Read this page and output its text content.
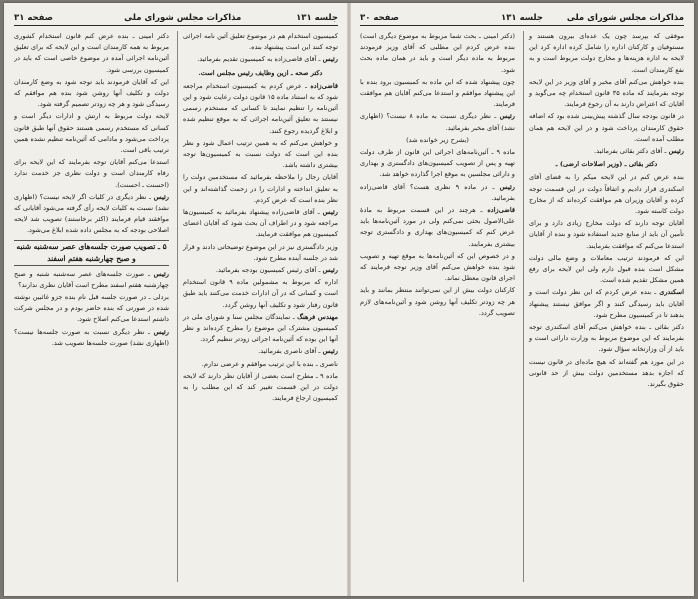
جلسه ۱۳۱
مذاکرات مجلس شورای ملی
صفحه ۳۱

کمیسیون استخدام هم در موضوع تعلیق آئین نامه اجرائی توجه کنند این است پیشنهاد بنده.

رئیس ـ آقای قاضی‌زاده به کمیسیون تقدیم بفرمائید.

دکتر صحه ـ ازین وظایف رئیس مجلس است.

قاضی‌زاده ـ عرض کردم به کمیسیون استخدام مراجعه شود که به استناد ماده ۱۵ قانون دولت رعایت شود و این آئین‌نامه را تنظیم نمایند تا کسانی که مستخدم رسمی نیستند به تعلیق آئین‌نامه اجرائی که به موقع تنظیم شده و ابلاغ گردیده رجوع کنند.

و خواهش می‌کنم که به همین ترتیب اعمال شود و نظر بنده این است که دولت نسبت به کمیسیون‌ها توجه بیشتری داشته باشد.

آقایان رجال را ملاحظه بفرمائید که مستخدمین دولت را به تعلیق انداخته و ادارات را در زحمت گذاشته‌اند و این نظر بنده است که عرض کردم.

رئیس ـ آقای قاضی‌زاده پیشنهاد بفرمائید به کمیسیون‌ها مراجعه شود و در اطراف آن بحث شود که آقایان اعضای کمیسیون هم موافقت فرمایند.

وزیر دادگستری نیز در این موضوع توضیحاتی دادند و قرار شد در جلسه آینده مطرح شود.

رئیس ـ آقای رئیس کمیسیون بودجه بفرمائید.

اداره که مربوط به مشمولین ماده ۹ قانون استخدام است و کسانی که در آن ادارات خدمت می‌کنند باید طبق قانون رفتار شود و تکلیف آنها روشن گردد.

مهندس فرهنگ ـ نمایندگان مجلس سنا و شورای ملی در کمیسیون مشترک این موضوع را مطرح کرده‌اند و نظر آنها این بوده که آئین‌نامه اجرائی زودتر تنظیم گردد.

رئیس ـ آقای ناصری بفرمائید.

ناصری ـ بنده با این ترتیب موافقم و عرضی ندارم.

ماده ۹ ـ مطرح است بعضی از آقایان نظر دارند که لایحه دولت در این قسمت تغییر کند که این مطلب را به کمیسیون ارجاع فرمایند.

دکتر امینی ـ بنده عرض کنم قانون استخدام کشوری مربوط به همه کارمندان است و این لایحه که برای تعلیق آئین‌نامه اجرائی آمده در موضوع خاصی است که باید در کمیسیون بررسی شود.

این که آقایان فرمودند باید توجه شود به وضع کارمندان دولت و تکلیف آنها روشن شود بنده هم موافقم که رسیدگی شود و هر چه زودتر تصمیم گرفته شود.

لایحه دولت مربوط به ارتش و ادارات دیگر است و کسانی که مستخدم رسمی هستند حقوق آنها طبق قانون پرداخت می‌شود و مادامی که آئین‌نامه تنظیم نشده همین ترتیب باقی است.

استدعا می‌کنم آقایان توجه بفرمایند که این لایحه برای رفاه کارمندان است و دولت نظری جز خدمت ندارد (احسنت ـ احسنت).

رئیس ـ نظر دیگری در کلیات اگر لایحه نیست؟ (اظهاری نشد) نسبت به کلیات لایحه رأی گرفته می‌شود آقایانی که موافقند قیام فرمایند (اکثر برخاستند) تصویب شد لایحه اصلاحی بودجه که به مجلس داده شده ابلاغ می‌شود.

۵ ـ تصویب صورت جلسه‌های عصر سه‌شنبه شنبه و صبح چهارشنبه هفتم اسفند

رئیس ـ صورت جلسه‌های عصر سه‌شنبه شنبه و صبح چهارشنبه هفتم اسفند مطرح است آقایان نظری ندارند؟

بردلی ـ در صورت جلسه قبل نام بنده جزو غائبین نوشته شده در صورتی که بنده حاضر بودم و در مجلس شرکت داشتم استدعا می‌کنم اصلاح شود.

رئیس ـ نظر دیگری نسبت به صورت جلسه‌ها نیست؟ (اظهاری نشد) صورت جلسه‌ها تصویب شد.

مذاکرات مجلس شورای ملی
جلسه ۱۳۱
صفحه ۳۰

موفقی که بپرسد چون یک عده‌ای بیرون هستند و مستوفیان و کارکنان اداره را شامل کرده اداره کرد این لایحه به اداره هزینه‌ها و مخارج دولت مربوط است و به نفع کارمندان است.

بنده خواهش می‌کنم آقای مخبر و آقای وزیر در این لایحه توجه بفرمایند که ماده ۳۵ قانون استخدام چه می‌گوید و آقایان که اعتراض دارند به آن رجوع فرمایند.

در قانون بودجه سال گذشته پیش‌بینی شده بود که اضافه حقوق کارمندان پرداخت شود و در این لایحه هم همان مطلب آمده است.

رئیس ـ آقای دکتر بقائی بفرمائید.

دکتر بقائی ـ (وزیر اصلاحات ارضی) ـ

بنده عرض کنم در این لایحه میکم را به قضای آقای اسکندری قرار دادیم و اتفاقاً دولت در این قسمت توجه کرده و آقایان وزیران هم موافقت کرده‌اند که از مخارج دولت کاسته شود.

آقایان توجه دارند که دولت مخارج زیادی دارد و برای تأمین آن باید از منابع جدید استفاده شود و بنده از آقایان استدعا می‌کنم که موافقت بفرمایند.

این که فرمودند ترتیب معاملات و وضع مالی دولت مشکل است بنده قبول دارم ولی این لایحه برای رفع همین مشکل تقدیم شده است.

اسکندری ـ بنده عرض کردم که این نظر دولت است و آقایان باید رسیدگی کنند و اگر موافق نیستند پیشنهاد بدهند تا در کمیسیون مطرح شود.

دکتر بقائی ـ بنده خواهش می‌کنم آقای اسکندری توجه بفرمایند که این موضوع مربوط به وزارت دارائی است و باید از آن وزارتخانه سؤال شود.

در این مورد هم گفته‌اند که هیچ ماده‌ای در قانون نیست که اجازه بدهد مستخدمین دولت بیش از حد قانونی حقوق بگیرند.

(دکتر امینی ـ بحث شما مربوط به موضوع دیگری است) بنده عرض کردم این مطلبی که آقای وزیر فرمودند مربوط به ماده دیگر است و باید در همان ماده بحث شود.

چون پیشنهاد شده که این ماده به کمیسیون برود بنده با این پیشنهاد موافقم و استدعا می‌کنم آقایان هم موافقت فرمایند.

رئیس ـ نظر دیگری نسبت به ماده ۸ نیست؟ (اظهاری نشد) آقای مخبر بفرمائید.

(بشرح زیر خوانده شد)

ماده ۹ ـ آئین‌نامه‌های اجرائی این قانون از طرف دولت تهیه و پس از تصویب کمیسیون‌های دادگستری و بهداری و دارائی مجلسین به موقع اجرا گذارده خواهد شد.

رئیس ـ در ماده ۹ نظری هست؟ آقای قاضی‌زاده بفرمائید.

قاضی‌زاده ـ هرچند در این قسمت مربوط به مادهٔ علی‌الاصول بحثی نمی‌کنم ولی در مورد آئین‌نامه‌ها باید عرض کنم که کمیسیون‌های بهداری و دادگستری توجه بیشتری بفرمایند.

و در خصوص این که آئین‌نامه‌ها به موقع تهیه و تصویب شود بنده خواهش می‌کنم آقای وزیر توجه فرمایند که اجرای قانون معطل نماند.

کارکنان دولت بیش از این نمی‌توانند منتظر بمانند و باید هر چه زودتر تکلیف آنها روشن شود و آئین‌نامه‌های لازم تصویب گردد.
